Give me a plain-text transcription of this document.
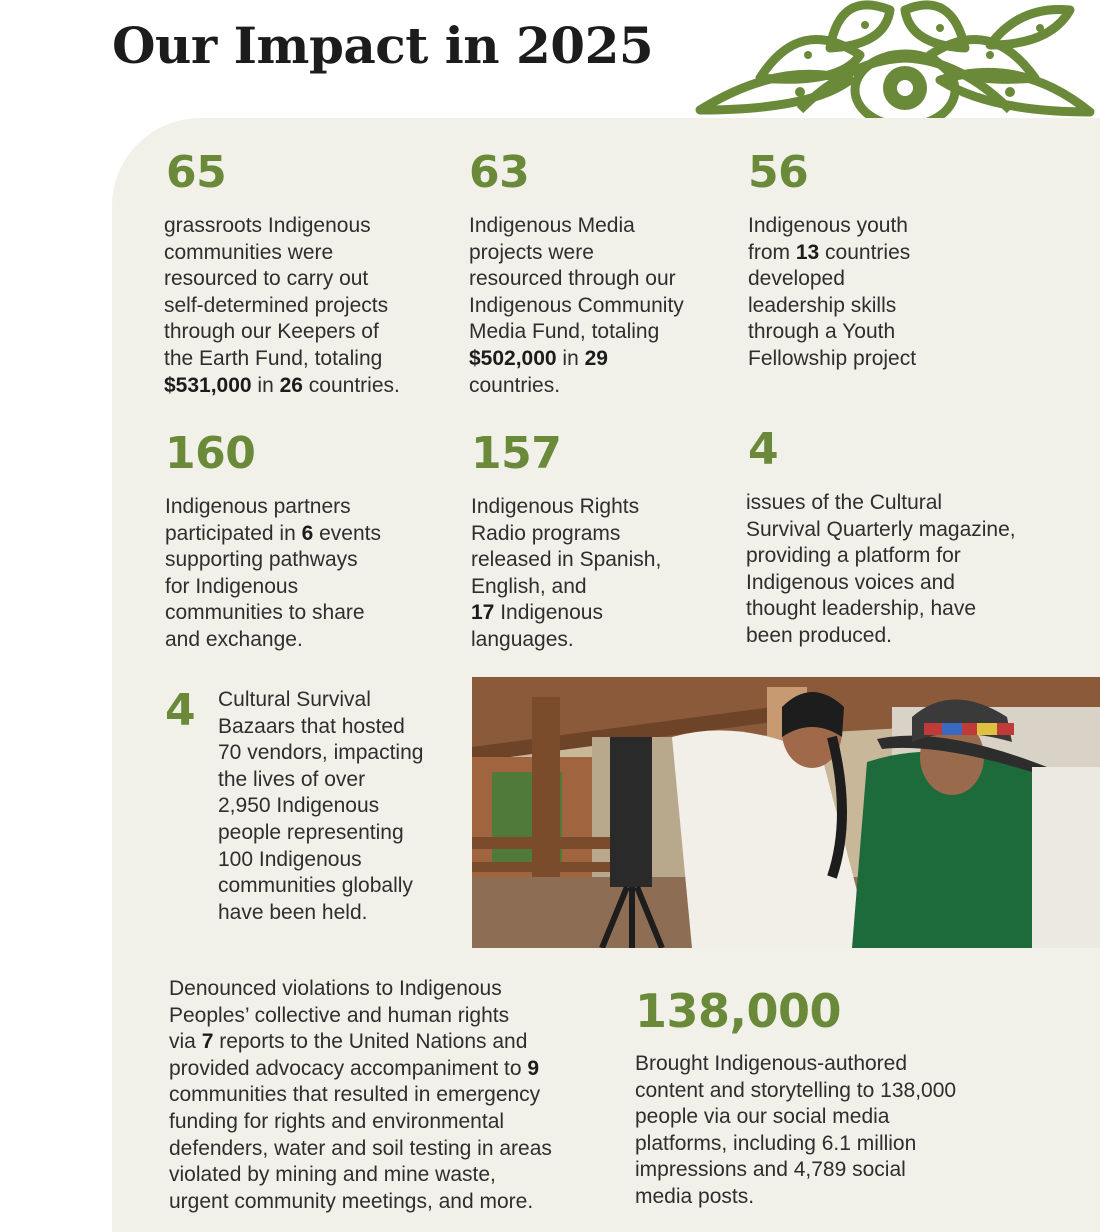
Our Impact in 2025
65
grassroots Indigenous
communities were
resourced to carry out
self-determined projects
through our Keepers of
the Earth Fund, totaling
$531,000 in 26 countries.
63
Indigenous Media
projects were
resourced through our
Indigenous Community
Media Fund, totaling
$502,000 in 29
countries.
56
Indigenous youth
from 13 countries
developed
leadership skills
through a Youth
Fellowship project
160
Indigenous partners
participated in 6 events
supporting pathways
for Indigenous
communities to share
and exchange.
157
Indigenous Rights
Radio programs
released in Spanish,
English, and
17 Indigenous
languages.
4
issues of the Cultural
Survival Quarterly magazine,
providing a platform for
Indigenous voices and
thought leadership, have
been produced.
4 Cultural Survival
Bazaars that hosted
70 vendors, impacting
the lives of over
2,950 Indigenous
people representing
100 Indigenous
communities globally
have been held.
Denounced violations to Indigenous
Peoples’ collective and human rights
via 7 reports to the United Nations and
provided advocacy accompaniment to 9
communities that resulted in emergency
funding for rights and environmental
defenders, water and soil testing in areas
violated by mining and mine waste,
urgent community meetings, and more.
138,000
Brought Indigenous-authored
content and storytelling to 138,000
people via our social media
platforms, including 6.1 million
impressions and 4,789 social
media posts.
